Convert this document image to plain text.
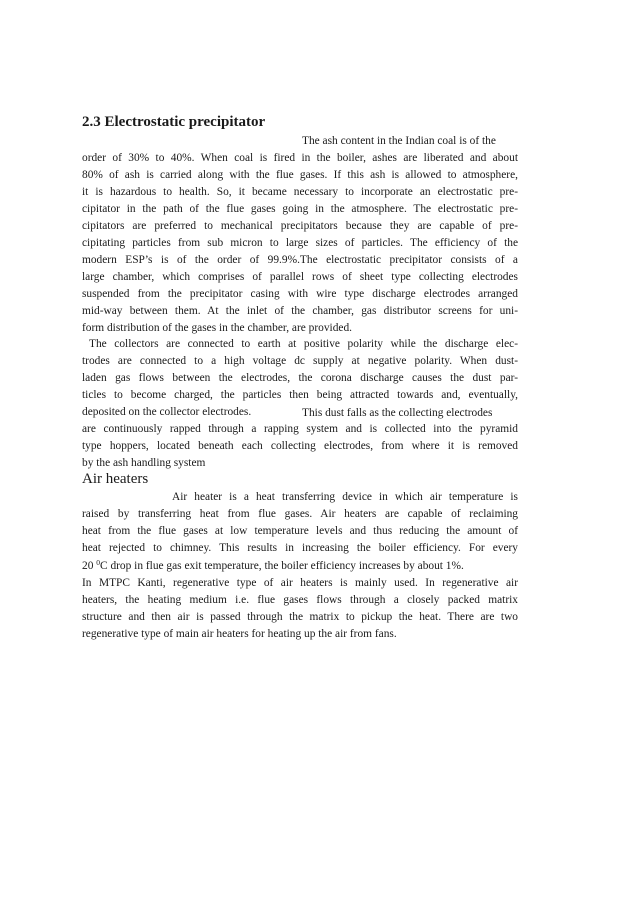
2.3 Electrostatic precipitator
The ash content in the Indian coal is of the
order of 30% to 40%. When coal is fired in the boiler, ashes are liberated and about
80% of ash is carried along with the flue gases. If this ash is allowed to atmosphere,
it is hazardous to health. So, it became necessary to incorporate an electrostatic pre-
cipitator in the path of the flue gases going in the atmosphere. The electrostatic pre-
cipitators are preferred to mechanical precipitators because they are capable of pre-
cipitating particles from sub micron to large sizes of particles. The efficiency of the
modern ESP’s is of the order of 99.9%.The electrostatic precipitator consists of a
large chamber, which comprises of parallel rows of sheet type collecting electrodes
suspended from the precipitator casing with wire type discharge electrodes arranged
mid-way between them. At the inlet of the chamber, gas distributor screens for uni-
form distribution of the gases in the chamber, are provided.
The collectors are connected to earth at positive polarity while the discharge elec-
trodes are connected to a high voltage dc supply at negative polarity. When dust-
laden gas flows between the electrodes, the corona discharge causes the dust par-
ticles to become charged, the particles then being attracted towards and, eventually,
deposited on the collector electrodes.	This dust falls as the collecting electrodes
are continuously rapped through a rapping system and is collected into the pyramid
type hoppers, located beneath each collecting electrodes, from where it is removed
by the ash handling system
Air heaters
Air heater is a heat transferring device in which air temperature is
raised by transferring heat from flue gases. Air heaters are capable of reclaiming
heat from the flue gases at low temperature levels and thus reducing the amount of
heat rejected to chimney. This results in increasing the boiler efficiency. For every
20 $^0$C drop in flue gas exit temperature, the boiler efficiency increases by about 1%.
In MTPC Kanti, regenerative type of air heaters is mainly used. In regenerative air
heaters, the heating medium i.e. flue gases flows through a closely packed matrix
structure and then air is passed through the matrix to pickup the heat. There are two
regenerative type of main air heaters for heating up the air from fans.
